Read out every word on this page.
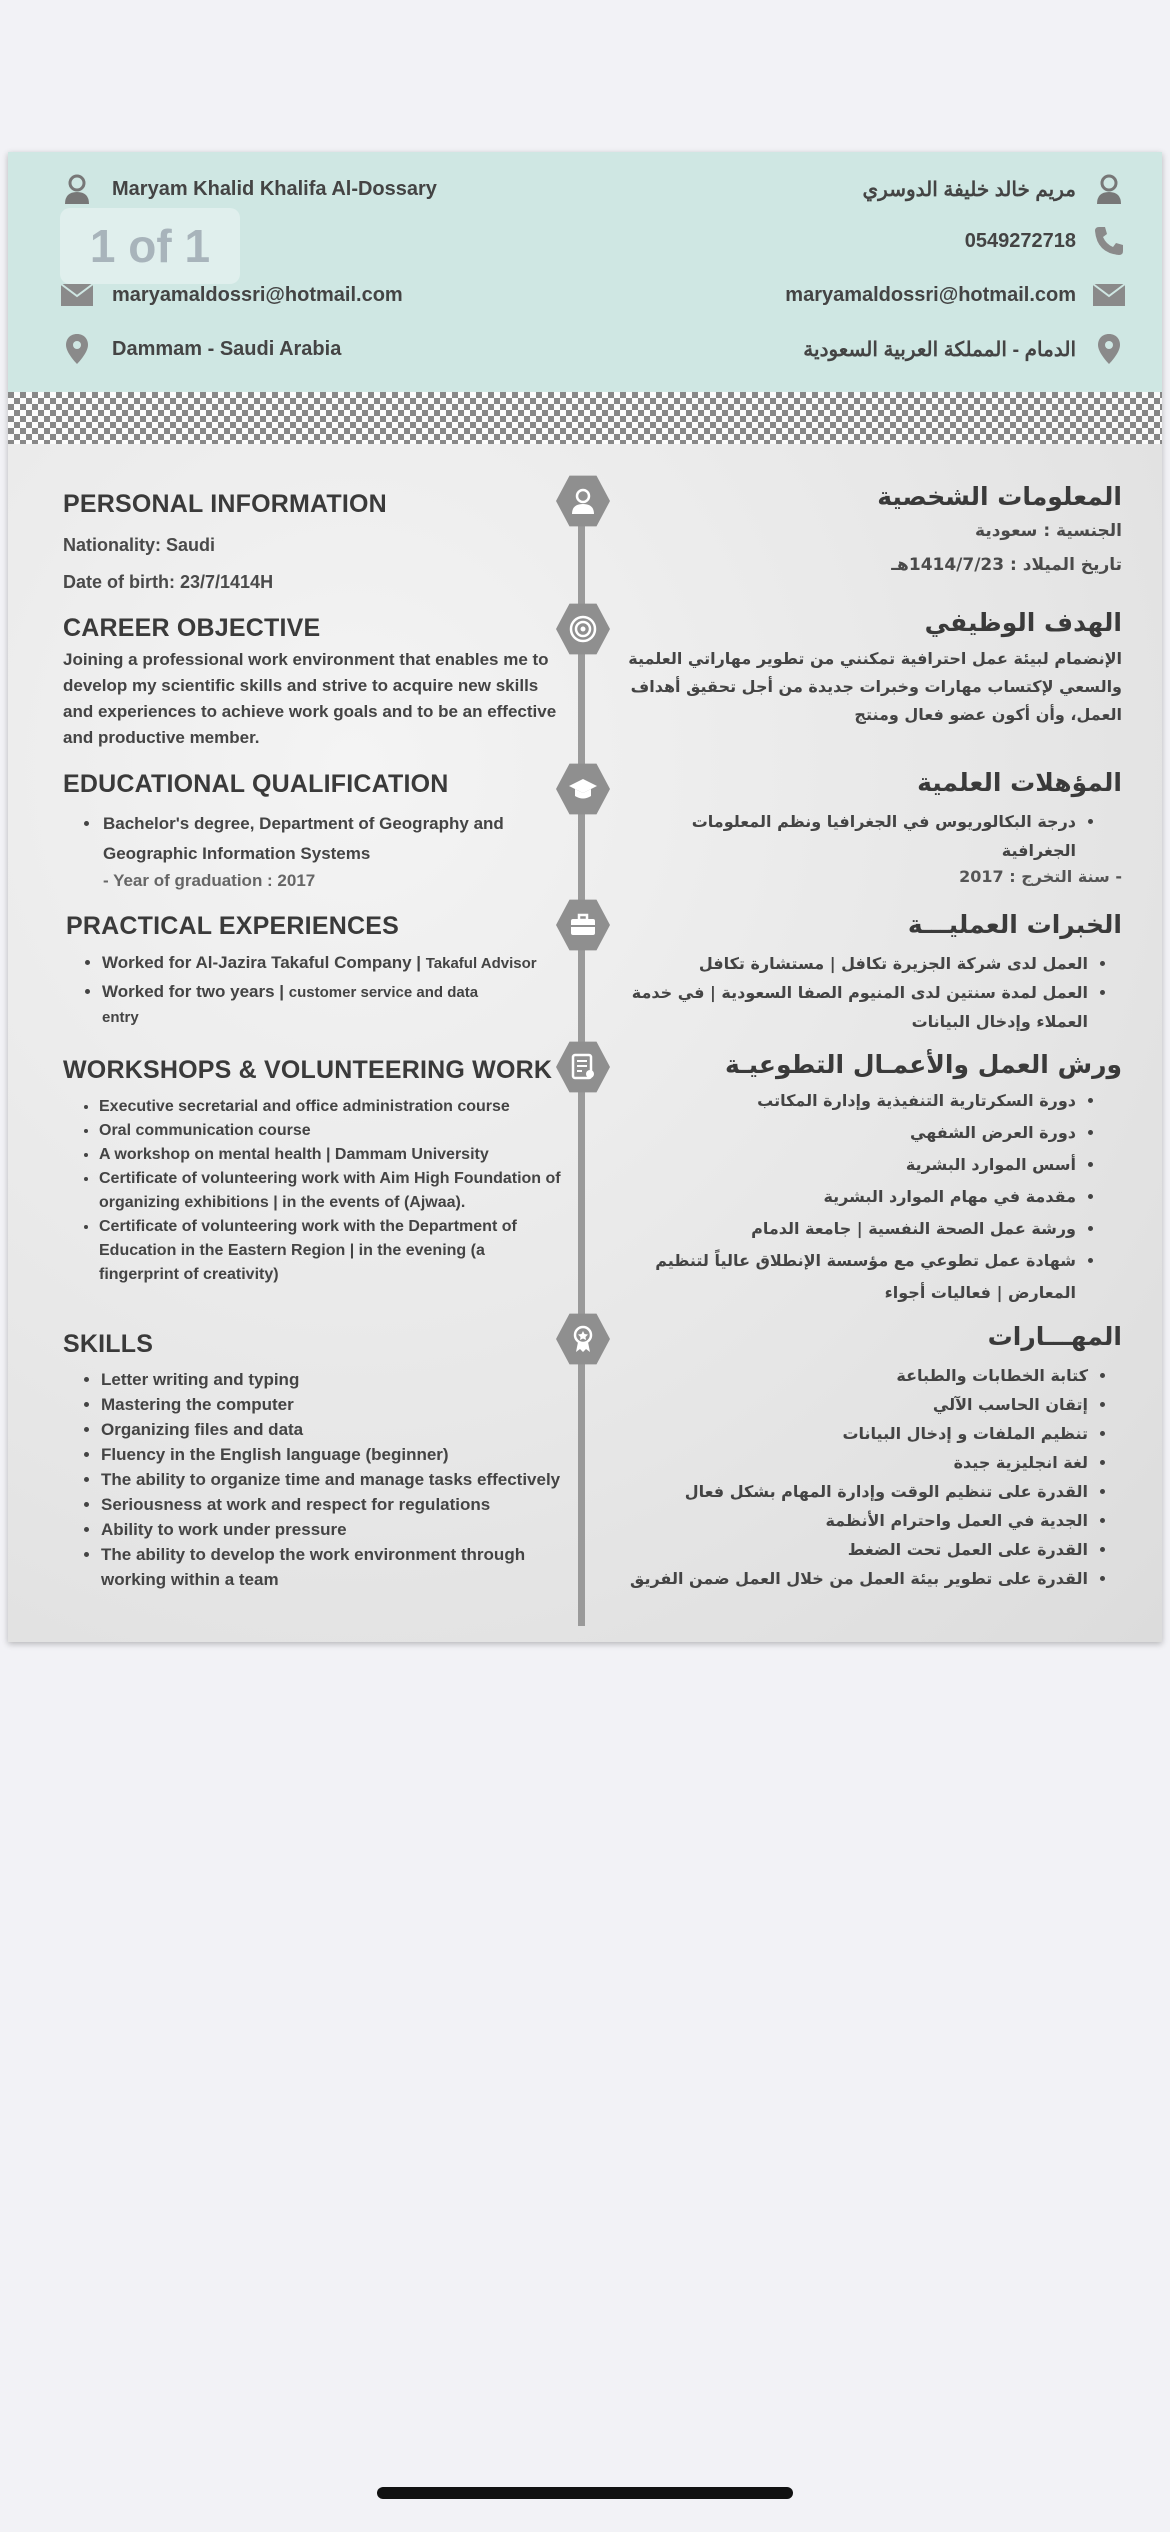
Maryam Khalid Khalifa Al-Dossary
maryamaldossri@hotmail.com
Dammam - Saudi Arabia
1 of 1
مريم خالد خليفة الدوسري
0549272718
maryamaldossri@hotmail.com
الدمام - المملكة العربية السعودية
PERSONAL INFORMATION
Nationality: Saudi
Date of birth: 23/7/1414H
CAREER OBJECTIVE

Joining a professional work environment that enables me to develop my scientific skills and strive to acquire new skills and experiences to achieve work goals and to be an effective and productive member.

EDUCATIONAL QUALIFICATION
• Bachelor's degree, Department of Geography and Geographic Information Systems
- Year of graduation : 2017
PRACTICAL EXPERIENCES
• Worked for Al-Jazira Takaful Company | Takaful Advisor
• Worked for two years | customer service and data entry
WORKSHOPS & VOLUNTEERING WORK
• Executive secretarial and office administration course
• Oral communication course
• A workshop on mental health | Dammam University
• Certificate of volunteering work with Aim High Foundation of organizing exhibitions | in the events of (Ajwaa).
• Certificate of volunteering work with the Department of Education in the Eastern Region | in the evening (a fingerprint of creativity)
SKILLS
• Letter writing and typing
• Mastering the computer
• Organizing files and data
• Fluency in the English language (beginner)
• The ability to organize time and manage tasks effectively
• Seriousness at work and respect for regulations
• Ability to work under pressure
• The ability to develop the work environment through working within a team
المعلومات الشخصية
الجنسية : سعودية
تاريخ الميلاد : 1414/7/23هـ
الهدف الوظيفي

الإنضمام لبيئة عمل احترافية تمكنني من تطوير مهاراتي العلمية والسعي لإكتساب مهارات وخبرات جديدة من أجل تحقيق أهداف العمل، وأن أكون عضو فعال ومنتج

المؤهلات العلمية
• درجة البكالوريوس في الجغرافيا ونظم المعلومات الجغرافية
- سنة التخرج : 2017
الخبرات العمليـــة
• العمل لدى شركة الجزيرة تكافل | مستشارة تكافل
• العمل لمدة سنتين لدى المنيوم الصفا السعودية | في خدمة العملاء وإدخال البيانات
ورش العمل والأعمـال التطوعيـة
• دورة السكرتارية التنفيذية وإدارة المكاتب
• دورة العرض الشفهي
• أسس الموارد البشرية
• مقدمة في مهام الموارد البشرية
• ورشة عمل الصحة النفسية | جامعة الدمام
• شهادة عمل تطوعي مع مؤسسة الإنطلاق عالياً لتنظيم المعارض | فعاليات أجواء
المهـــارات
• كتابة الخطابات والطباعة
• إتقان الحاسب الآلي
• تنظيم الملفات و إدخال البيانات
• لغة انجليزية جيدة
• القدرة على تنظيم الوقت وإدارة المهام بشكل فعال
• الجدية في العمل واحترام الأنظمة
• القدرة على العمل تحت الضغط
• القدرة على تطوير بيئة العمل من خلال العمل ضمن الفريق
